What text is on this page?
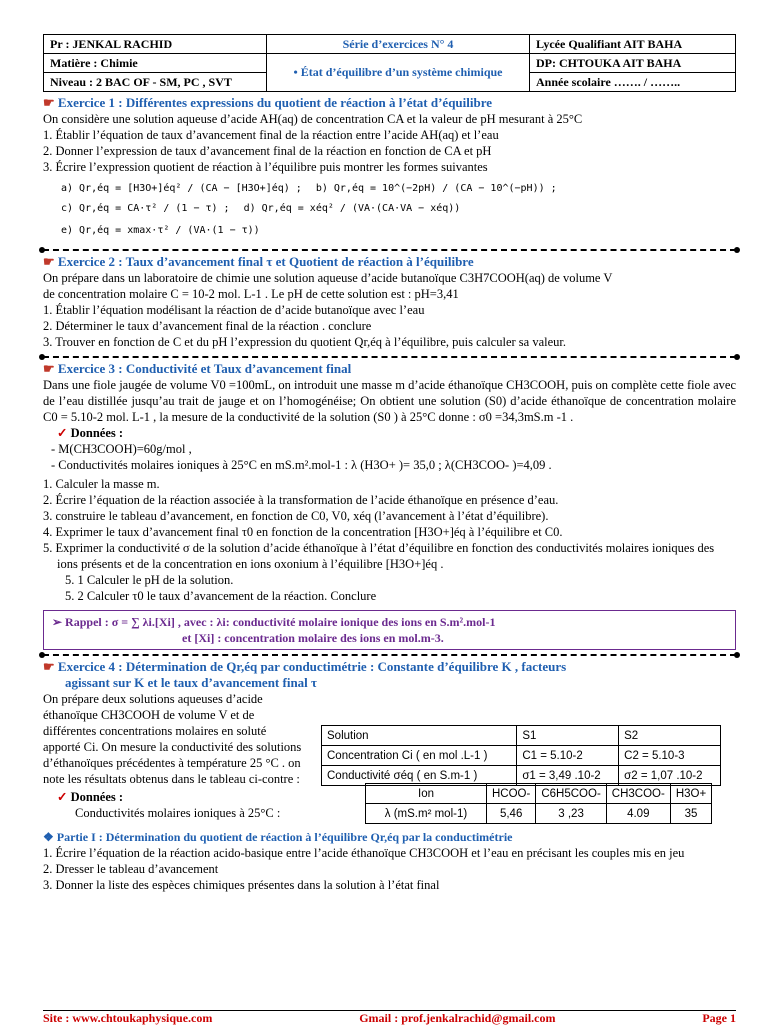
Pr : JENKAL RACHID	Série d’exercices N° 4	Lycée Qualifiant AIT BAHA
Matière : Chimie	• État d’équilibre d’un système chimique	DP: CHTOUKA AIT BAHA
Niveau : 2 BAC OF - SM, PC , SVT		Année scolaire ……. / ……..
☛ Exercice 1 : Différentes expressions du quotient de réaction à l’état d’équilibre
On considère une solution aqueuse d’acide AH(aq) de concentration CA et la valeur de pH mesurant à 25°C
1. Établir l’équation de taux d’avancement final de la réaction entre l’acide AH(aq) et l’eau
2. Donner l’expression de taux d’avancement final de la réaction en fonction de CA et pH
3. Écrire l’expression quotient de réaction à l’équilibre puis montrer les formes suivantes
a) Qr,éq = [H3O+]éq² / (CA − [H3O+]éq) ; b) Qr,éq = 10^(−2pH) / (CA − 10^(−pH)) ;
c) Qr,éq = CA·τ² / (1 − τ) ; d) Qr,éq = xéq² / (VA·(CA·VA − xéq))
e) Qr,éq = xmax·τ² / (VA·(1 − τ))
☛ Exercice 2 : Taux d’avancement final τ et Quotient de réaction à l’équilibre
On prépare dans un laboratoire de chimie une solution aqueuse d’acide butanoïque C3H7COOH(aq) de volume V
de concentration molaire C = 10-2 mol. L-1 . Le pH de cette solution est : pH=3,41
1. Établir l’équation modélisant la réaction de d’acide butanoïque avec l’eau
2. Déterminer le taux d’avancement final de la réaction . conclure
3. Trouver en fonction de C et du pH l’expression du quotient Qr,éq à l’équilibre, puis calculer sa valeur.
☛ Exercice 3 : Conductivité et Taux d’avancement final
Dans une fiole jaugée de volume V0 =100mL, on introduit une masse m d’acide éthanoïque CH3COOH, puis on complète cette fiole avec de l’eau distillée jusqu’au trait de jauge et on l’homogénéise; On obtient une solution (S0) d’acide éthanoïque de concentration molaire C0 = 5.10-2 mol. L-1 , la mesure de la conductivité de la solution (S0 ) à 25°C donne : σ0 =34,3mS.m -1 .
✓ Données :
- M(CH3COOH)=60g/mol ,
- Conductivités molaires ioniques à 25°C en mS.m².mol-1 : λ (H3O+ )= 35,0 ; λ(CH3COO- )=4,09 .
1. Calculer la masse m.
2. Écrire l’équation de la réaction associée à la transformation de l’acide éthanoïque en présence d’eau.
3. construire le tableau d’avancement, en fonction de C0, V0, xéq (l’avancement à l’état d’équilibre).
4. Exprimer le taux d’avancement final τ0 en fonction de la concentration [H3O+]éq à l’équilibre et C0.
5. Exprimer la conductivité σ de la solution d’acide éthanoïque à l’état d’équilibre en fonction des conductivités molaires ioniques des ions présents et de la concentration en ions oxonium à l’équilibre [H3O+]éq .
5. 1 Calculer le pH de la solution.
5. 2 Calculer τ0 le taux d’avancement de la réaction. Conclure
➢ Rappel : σ = ∑ λi.[Xi] , avec : λi: conductivité molaire ionique des ions en S.m².mol-1
et [Xi] : concentration molaire des ions en mol.m-3.
☛ Exercice 4 : Détermination de Qr,éq par conductimétrie : Constante d’équilibre K , facteurs
agissant sur K et le taux d’avancement final τ
On prépare deux solutions aqueuses d’acide éthanoïque CH3COOH de volume V et de différentes concentrations molaires en soluté apporté Ci. On mesure la conductivité des solutions d’éthanoïques précédentes à température 25 °C . on note les résultats obtenus dans le tableau ci-contre :
Solution	S1	S2
Concentration Ci ( en mol .L-1 )	C1 = 5.10-2	C2 = 5.10-3
Conductivité σéq ( en S.m-1 )	σ1 = 3,49 .10-2	σ2 = 1,07 .10-2
✓ Données :
Conductivités molaires ioniques à 25°C :
Ion	HCOO-	C6H5COO-	CH3COO-	H3O+
λ (mS.m² mol-1)	5,46	3 ,23	4.09	35
❖ Partie I : Détermination du quotient de réaction à l’équilibre Qr,éq par la conductimétrie
1. Écrire l’équation de la réaction acido-basique entre l’acide éthanoïque CH3COOH et l’eau en précisant les couples mis en jeu
2. Dresser le tableau d’avancement
3. Donner la liste des espèces chimiques présentes dans la solution à l’état final
Site : www.chtoukaphysique.com	Gmail : prof.jenkalrachid@gmail.com	Page 1
